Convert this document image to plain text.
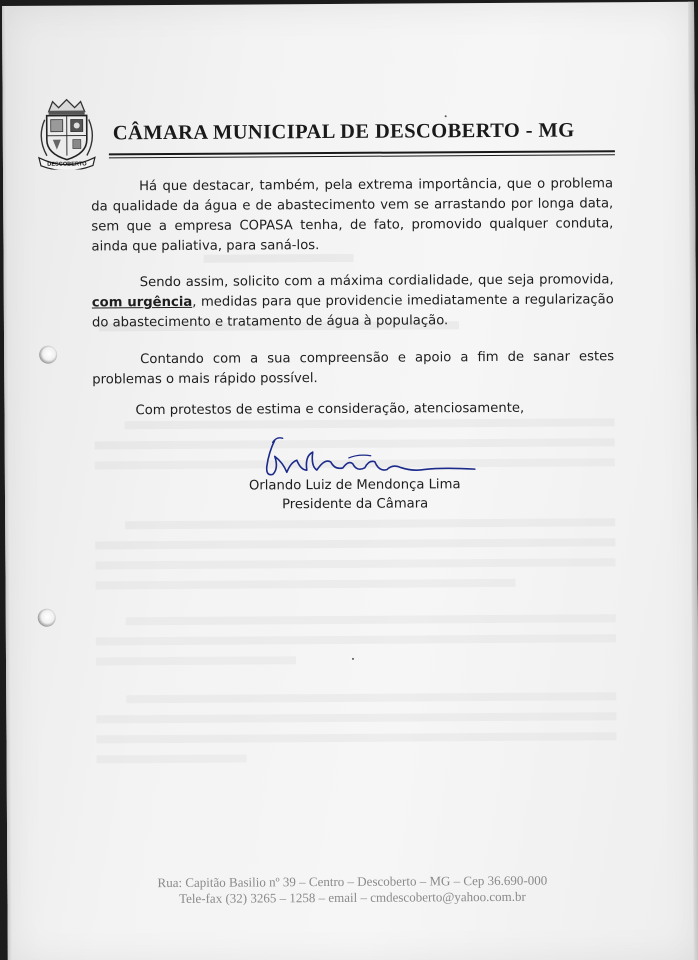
DESCOBERTO
CÂMARA MUNICIPAL DE DESCOBERTO - MG
Há que destacar, também, pela extrema importância, que o problema da qualidade da água e de abastecimento vem se arrastando por longa data, sem que a empresa COPASA tenha, de fato, promovido qualquer conduta, ainda que paliativa, para saná-los.
Sendo assim, solicito com a máxima cordialidade, que seja promovida, com urgência, medidas para que providencie imediatamente a regularização do abastecimento e tratamento de água à população.
Contando com a sua compreensão e apoio a fim de sanar estes problemas o mais rápido possível.
Com protestos de estima e consideração, atenciosamente,
Orlando Luiz de Mendonça Lima
Presidente da Câmara
Rua: Capitão Basilio nº 39 – Centro – Descoberto – MG – Cep 36.690-000
Tele-fax (32) 3265 – 1258 – email – cmdescoberto@yahoo.com.br
